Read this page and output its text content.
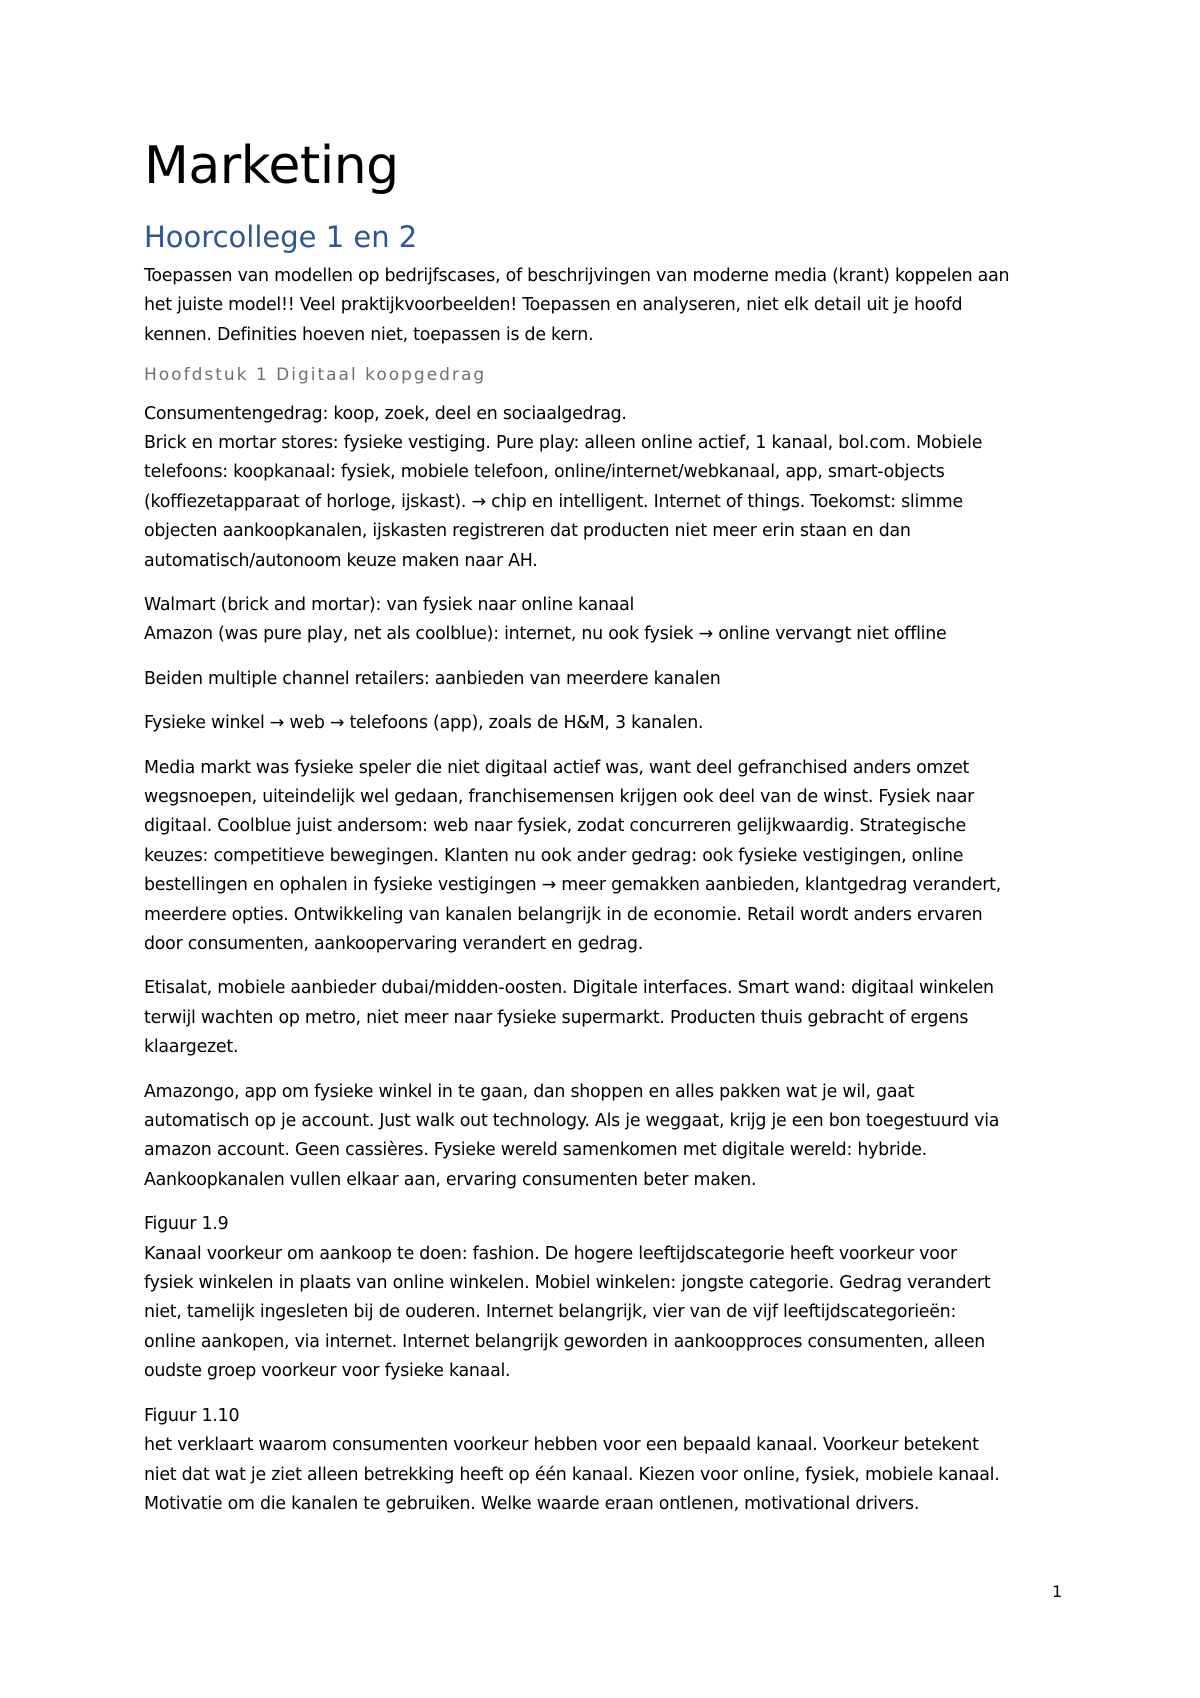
Marketing
Hoorcollege 1 en 2

Toepassen van modellen op bedrijfscases, of beschrijvingen van moderne media (krant) koppelen aan
het juiste model!! Veel praktijkvoorbeelden! Toepassen en analyseren, niet elk detail uit je hoofd
kennen. Definities hoeven niet, toepassen is de kern.

Hoofdstuk 1 Digitaal koopgedrag

Consumentengedrag: koop, zoek, deel en sociaalgedrag.
Brick en mortar stores: fysieke vestiging. Pure play: alleen online actief, 1 kanaal, bol.com. Mobiele
telefoons: koopkanaal: fysiek, mobiele telefoon, online/internet/webkanaal, app, smart-objects
(koffiezetapparaat of horloge, ijskast). → chip en intelligent. Internet of things. Toekomst: slimme
objecten aankoopkanalen, ijskasten registreren dat producten niet meer erin staan en dan
automatisch/autonoom keuze maken naar AH.

Walmart (brick and mortar): van fysiek naar online kanaal
Amazon (was pure play, net als coolblue): internet, nu ook fysiek → online vervangt niet offline

Beiden multiple channel retailers: aanbieden van meerdere kanalen

Fysieke winkel → web → telefoons (app), zoals de H&M, 3 kanalen.

Media markt was fysieke speler die niet digitaal actief was, want deel gefranchised anders omzet
wegsnoepen, uiteindelijk wel gedaan, franchisemensen krijgen ook deel van de winst. Fysiek naar
digitaal. Coolblue juist andersom: web naar fysiek, zodat concurreren gelijkwaardig. Strategische
keuzes: competitieve bewegingen. Klanten nu ook ander gedrag: ook fysieke vestigingen, online
bestellingen en ophalen in fysieke vestigingen → meer gemakken aanbieden, klantgedrag verandert,
meerdere opties. Ontwikkeling van kanalen belangrijk in de economie. Retail wordt anders ervaren
door consumenten, aankoopervaring verandert en gedrag.

Etisalat, mobiele aanbieder dubai/midden-oosten. Digitale interfaces. Smart wand: digitaal winkelen
terwijl wachten op metro, niet meer naar fysieke supermarkt. Producten thuis gebracht of ergens
klaargezet.

Amazongo, app om fysieke winkel in te gaan, dan shoppen en alles pakken wat je wil, gaat
automatisch op je account. Just walk out technology. Als je weggaat, krijg je een bon toegestuurd via
amazon account. Geen cassières. Fysieke wereld samenkomen met digitale wereld: hybride.
Aankoopkanalen vullen elkaar aan, ervaring consumenten beter maken.

Figuur 1.9
Kanaal voorkeur om aankoop te doen: fashion. De hogere leeftijdscategorie heeft voorkeur voor
fysiek winkelen in plaats van online winkelen. Mobiel winkelen: jongste categorie. Gedrag verandert
niet, tamelijk ingesleten bij de ouderen. Internet belangrijk, vier van de vijf leeftijdscategorieën:
online aankopen, via internet. Internet belangrijk geworden in aankoopproces consumenten, alleen
oudste groep voorkeur voor fysieke kanaal.

Figuur 1.10
het verklaart waarom consumenten voorkeur hebben voor een bepaald kanaal. Voorkeur betekent
niet dat wat je ziet alleen betrekking heeft op één kanaal. Kiezen voor online, fysiek, mobiele kanaal.
Motivatie om die kanalen te gebruiken. Welke waarde eraan ontlenen, motivational drivers.

1
